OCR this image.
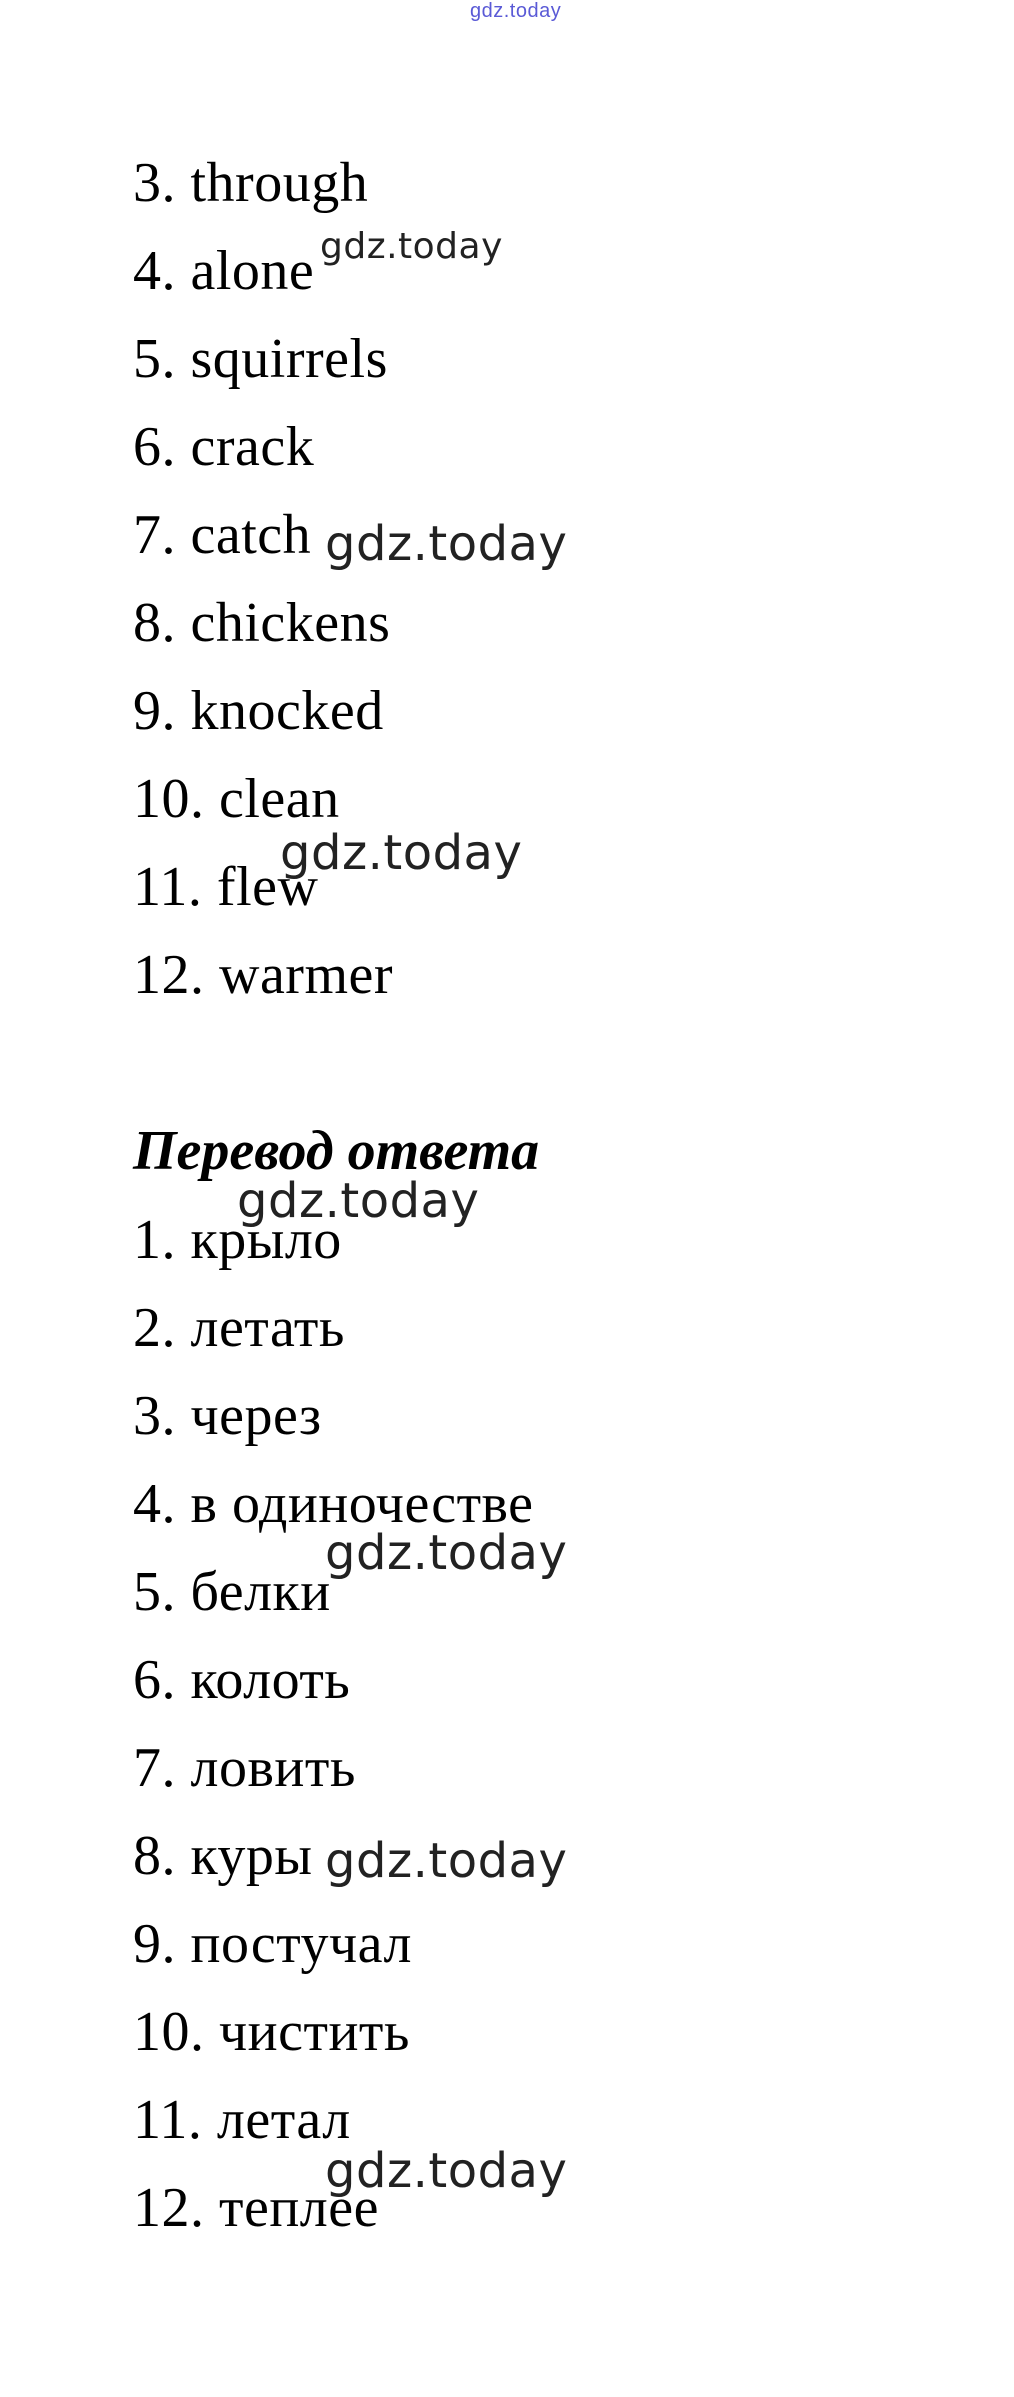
gdz.today
3. through
4. alone
5. squirrels
6. crack
7. catch
8. chickens
9. knocked
10. clean
11. flew
12. warmer
Перевод ответа
1. крыло
2. летать
3. через
4. в одиночестве
5. белки
6. колоть
7. ловить
8. куры
9. постучал
10. чистить
11. летал
12. теплее
gdz.today
gdz.today
gdz.today
gdz.today
gdz.today
gdz.today
gdz.today
